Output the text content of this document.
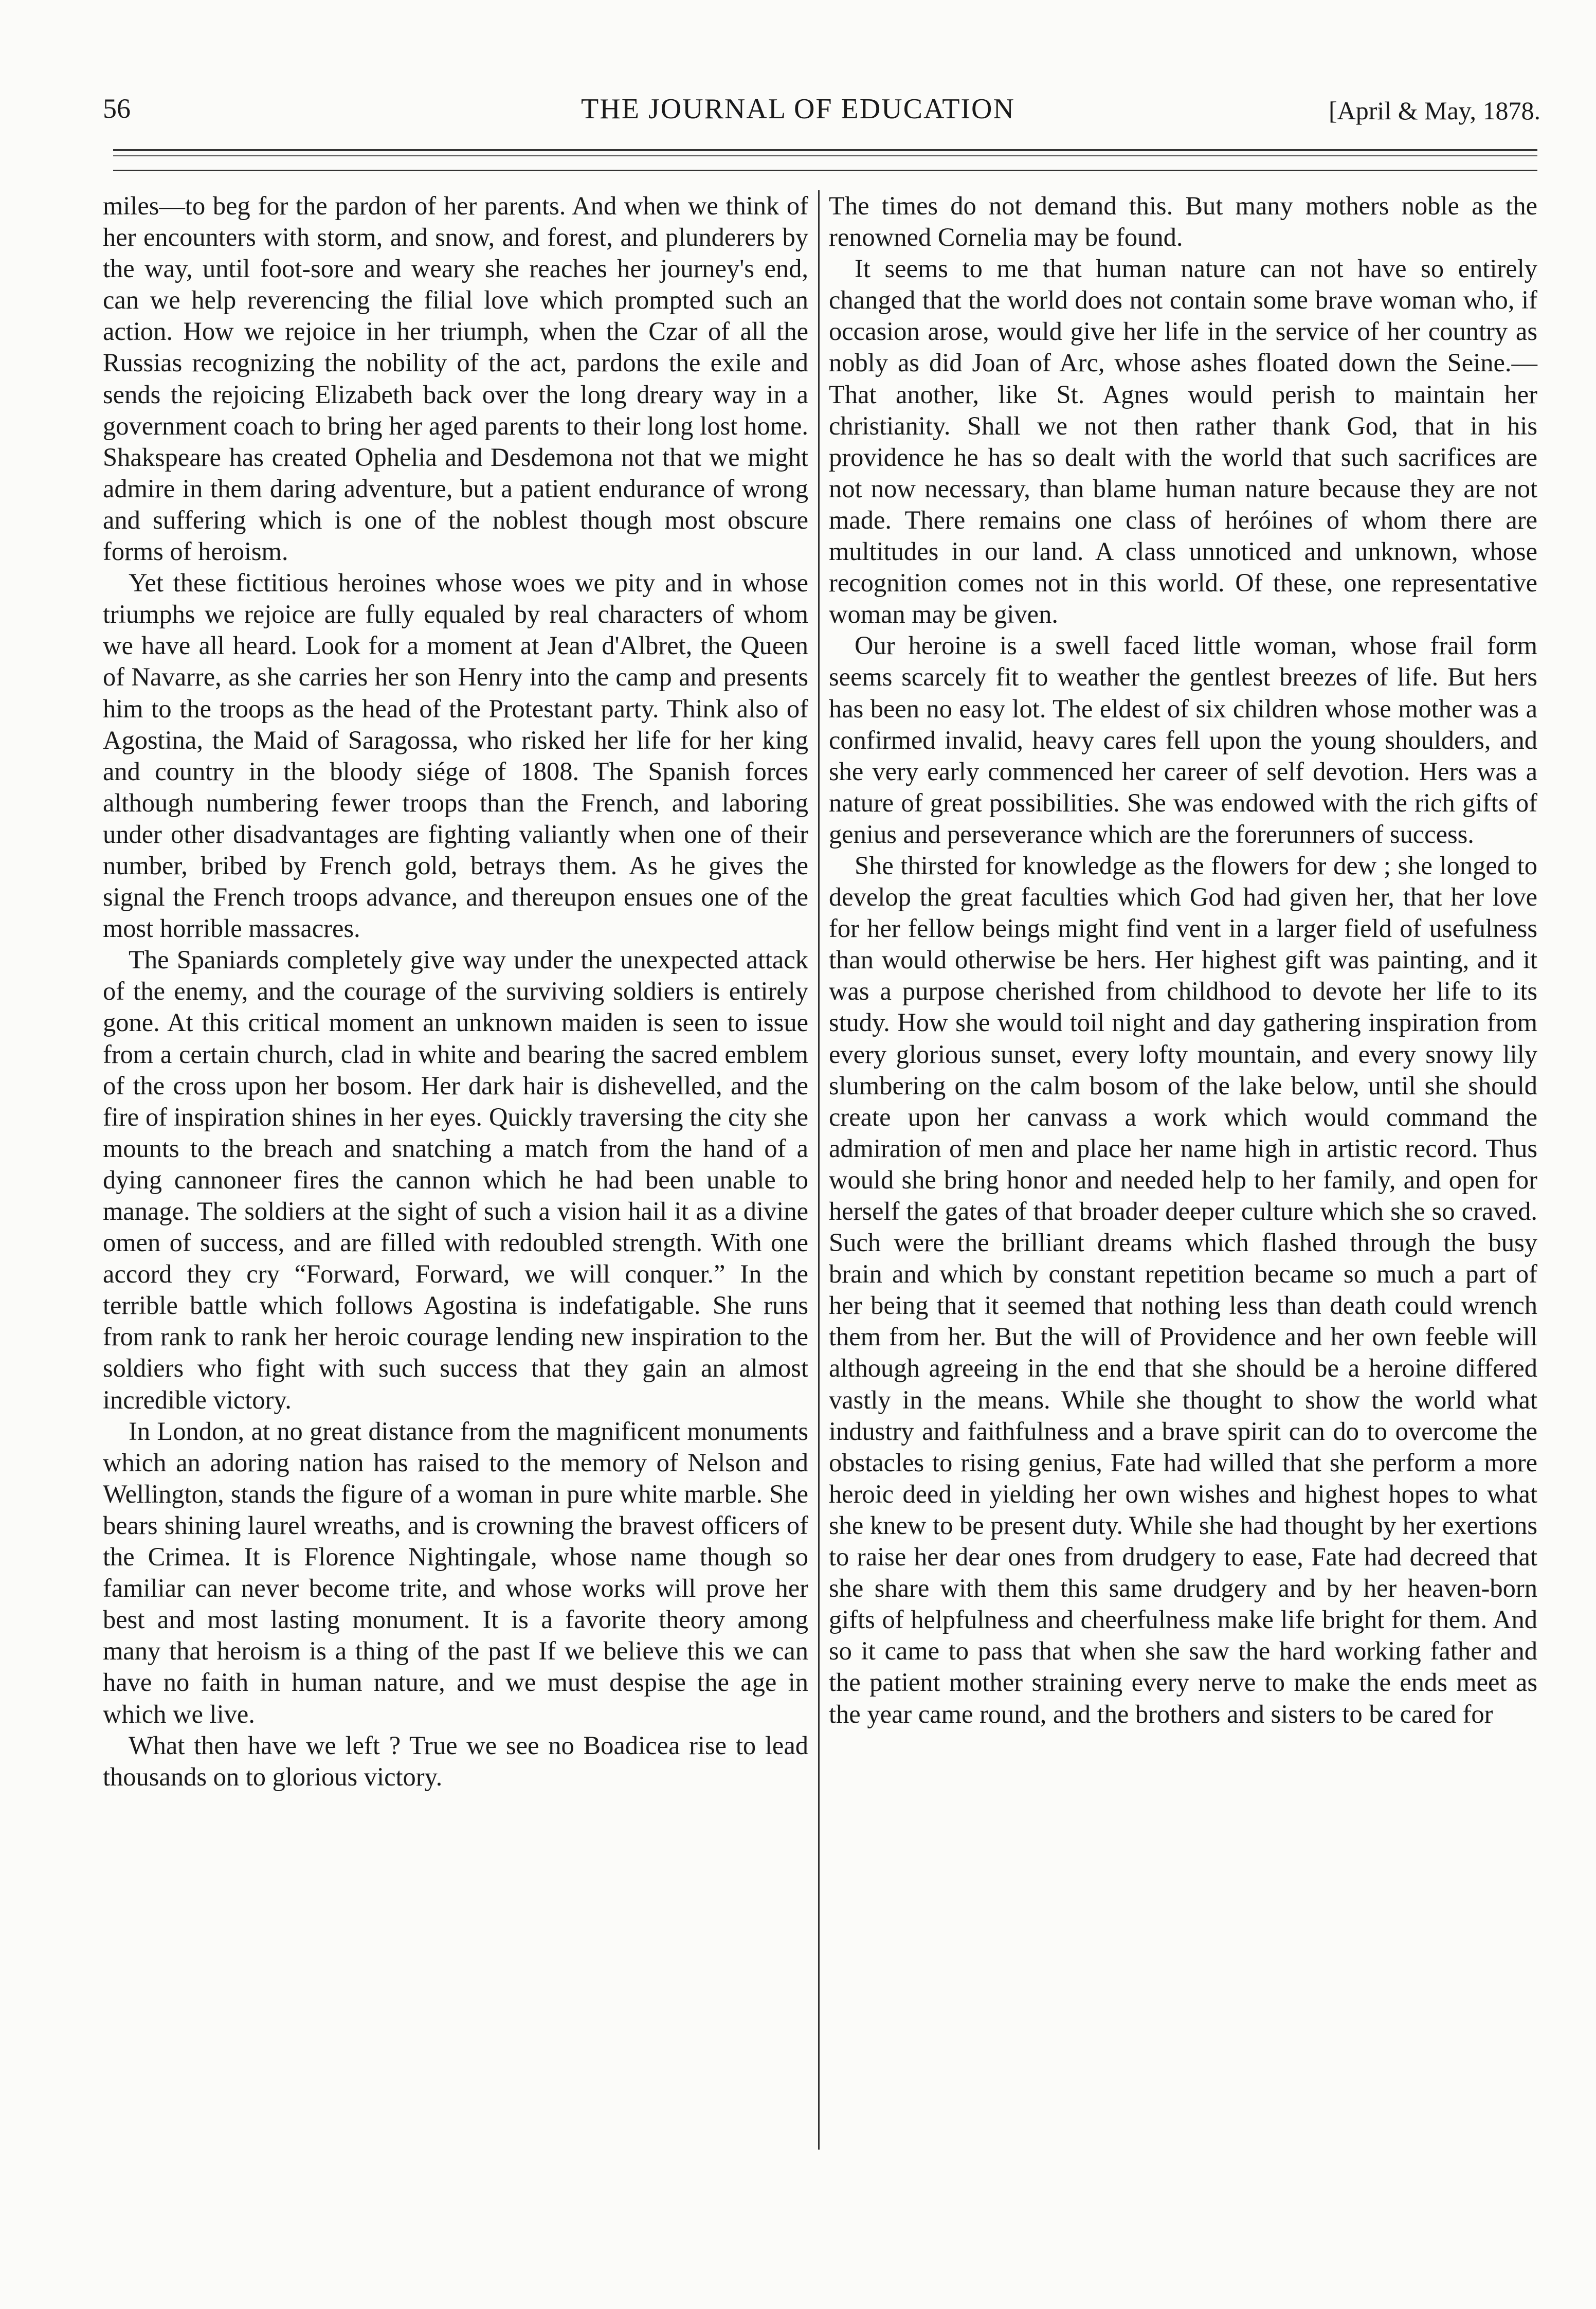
56	THE JOURNAL OF EDUCATION	[April & May, 1878.

miles—to beg for the pardon of her parents. And when we think of her encounters with storm, and snow, and forest, and plunderers by the way, until foot-sore and weary she reaches her journey's end, can we help reverencing the filial love which prompted such an action. How we rejoice in her triumph, when the Czar of all the Russias recognizing the nobility of the act, pardons the exile and sends the rejoicing Elizabeth back over the long dreary way in a government coach to bring her aged parents to their long lost home. Shakspeare has created Ophelia and Desdemona not that we might admire in them daring adventure, but a patient endurance of wrong and suffering which is one of the noblest though most obscure forms of heroism.

Yet these fictitious heroines whose woes we pity and in whose triumphs we rejoice are fully equaled by real characters of whom we have all heard. Look for a moment at Jean d'Albret, the Queen of Navarre, as she carries her son Henry into the camp and presents him to the troops as the head of the Protestant party. Think also of Agostina, the Maid of Saragossa, who risked her life for her king and country in the bloody siége of 1808. The Spanish forces although numbering fewer troops than the French, and laboring under other disadvantages are fighting valiantly when one of their number, bribed by French gold, betrays them. As he gives the signal the French troops advance, and thereupon ensues one of the most horrible massacres.

The Spaniards completely give way under the unexpected attack of the enemy, and the courage of the surviving soldiers is entirely gone. At this critical moment an unknown maiden is seen to issue from a certain church, clad in white and bearing the sacred emblem of the cross upon her bosom. Her dark hair is dishevelled, and the fire of inspiration shines in her eyes. Quickly traversing the city she mounts to the breach and snatching a match from the hand of a dying cannoneer fires the cannon which he had been unable to manage. The soldiers at the sight of such a vision hail it as a divine omen of success, and are filled with redoubled strength. With one accord they cry “Forward, Forward, we will conquer.” In the terrible battle which follows Agostina is indefatigable. She runs from rank to rank her heroic courage lending new inspiration to the soldiers who fight with such success that they gain an almost incredible victory.

In London, at no great distance from the magnificent monuments which an adoring nation has raised to the memory of Nelson and Wellington, stands the figure of a woman in pure white marble. She bears shining laurel wreaths, and is crowning the bravest officers of the Crimea. It is Florence Nightingale, whose name though so familiar can never become trite, and whose works will prove her best and most lasting monument. It is a favorite theory among many that heroism is a thing of the past If we believe this we can have no faith in human nature, and we must despise the age in which we live.

What then have we left ? True we see no Boadicea rise to lead thousands on to glorious victory.

The times do not demand this. But many mothers noble as the renowned Cornelia may be found.

It seems to me that human nature can not have so entirely changed that the world does not contain some brave woman who, if occasion arose, would give her life in the service of her country as nobly as did Joan of Arc, whose ashes floated down the Seine.—That another, like St. Agnes would perish to maintain her christianity. Shall we not then rather thank God, that in his providence he has so dealt with the world that such sacrifices are not now necessary, than blame human nature because they are not made. There remains one class of heróines of whom there are multitudes in our land. A class unnoticed and unknown, whose recognition comes not in this world. Of these, one representative woman may be given.

Our heroine is a swell faced little woman, whose frail form seems scarcely fit to weather the gentlest breezes of life. But hers has been no easy lot. The eldest of six children whose mother was a confirmed invalid, heavy cares fell upon the young shoulders, and she very early commenced her career of self devotion. Hers was a nature of great possibilities. She was endowed with the rich gifts of genius and perseverance which are the forerunners of success.

She thirsted for knowledge as the flowers for dew ; she longed to develop the great faculties which God had given her, that her love for her fellow beings might find vent in a larger field of usefulness than would otherwise be hers. Her highest gift was painting, and it was a purpose cherished from childhood to devote her life to its study. How she would toil night and day gathering inspiration from every glorious sunset, every lofty mountain, and every snowy lily slumbering on the calm bosom of the lake below, until she should create upon her canvass a work which would command the admiration of men and place her name high in artistic record. Thus would she bring honor and needed help to her family, and open for herself the gates of that broader deeper culture which she so craved. Such were the brilliant dreams which flashed through the busy brain and which by constant repetition became so much a part of her being that it seemed that nothing less than death could wrench them from her. But the will of Providence and her own feeble will although agreeing in the end that she should be a heroine differed vastly in the means. While she thought to show the world what industry and faithfulness and a brave spirit can do to overcome the obstacles to rising genius, Fate had willed that she perform a more heroic deed in yielding her own wishes and highest hopes to what she knew to be present duty. While she had thought by her exertions to raise her dear ones from drudgery to ease, Fate had decreed that she share with them this same drudgery and by her heaven-born gifts of helpfulness and cheerfulness make life bright for them. And so it came to pass that when she saw the hard working father and the patient mother straining every nerve to make the ends meet as the year came round, and the brothers and sisters to be cared for
